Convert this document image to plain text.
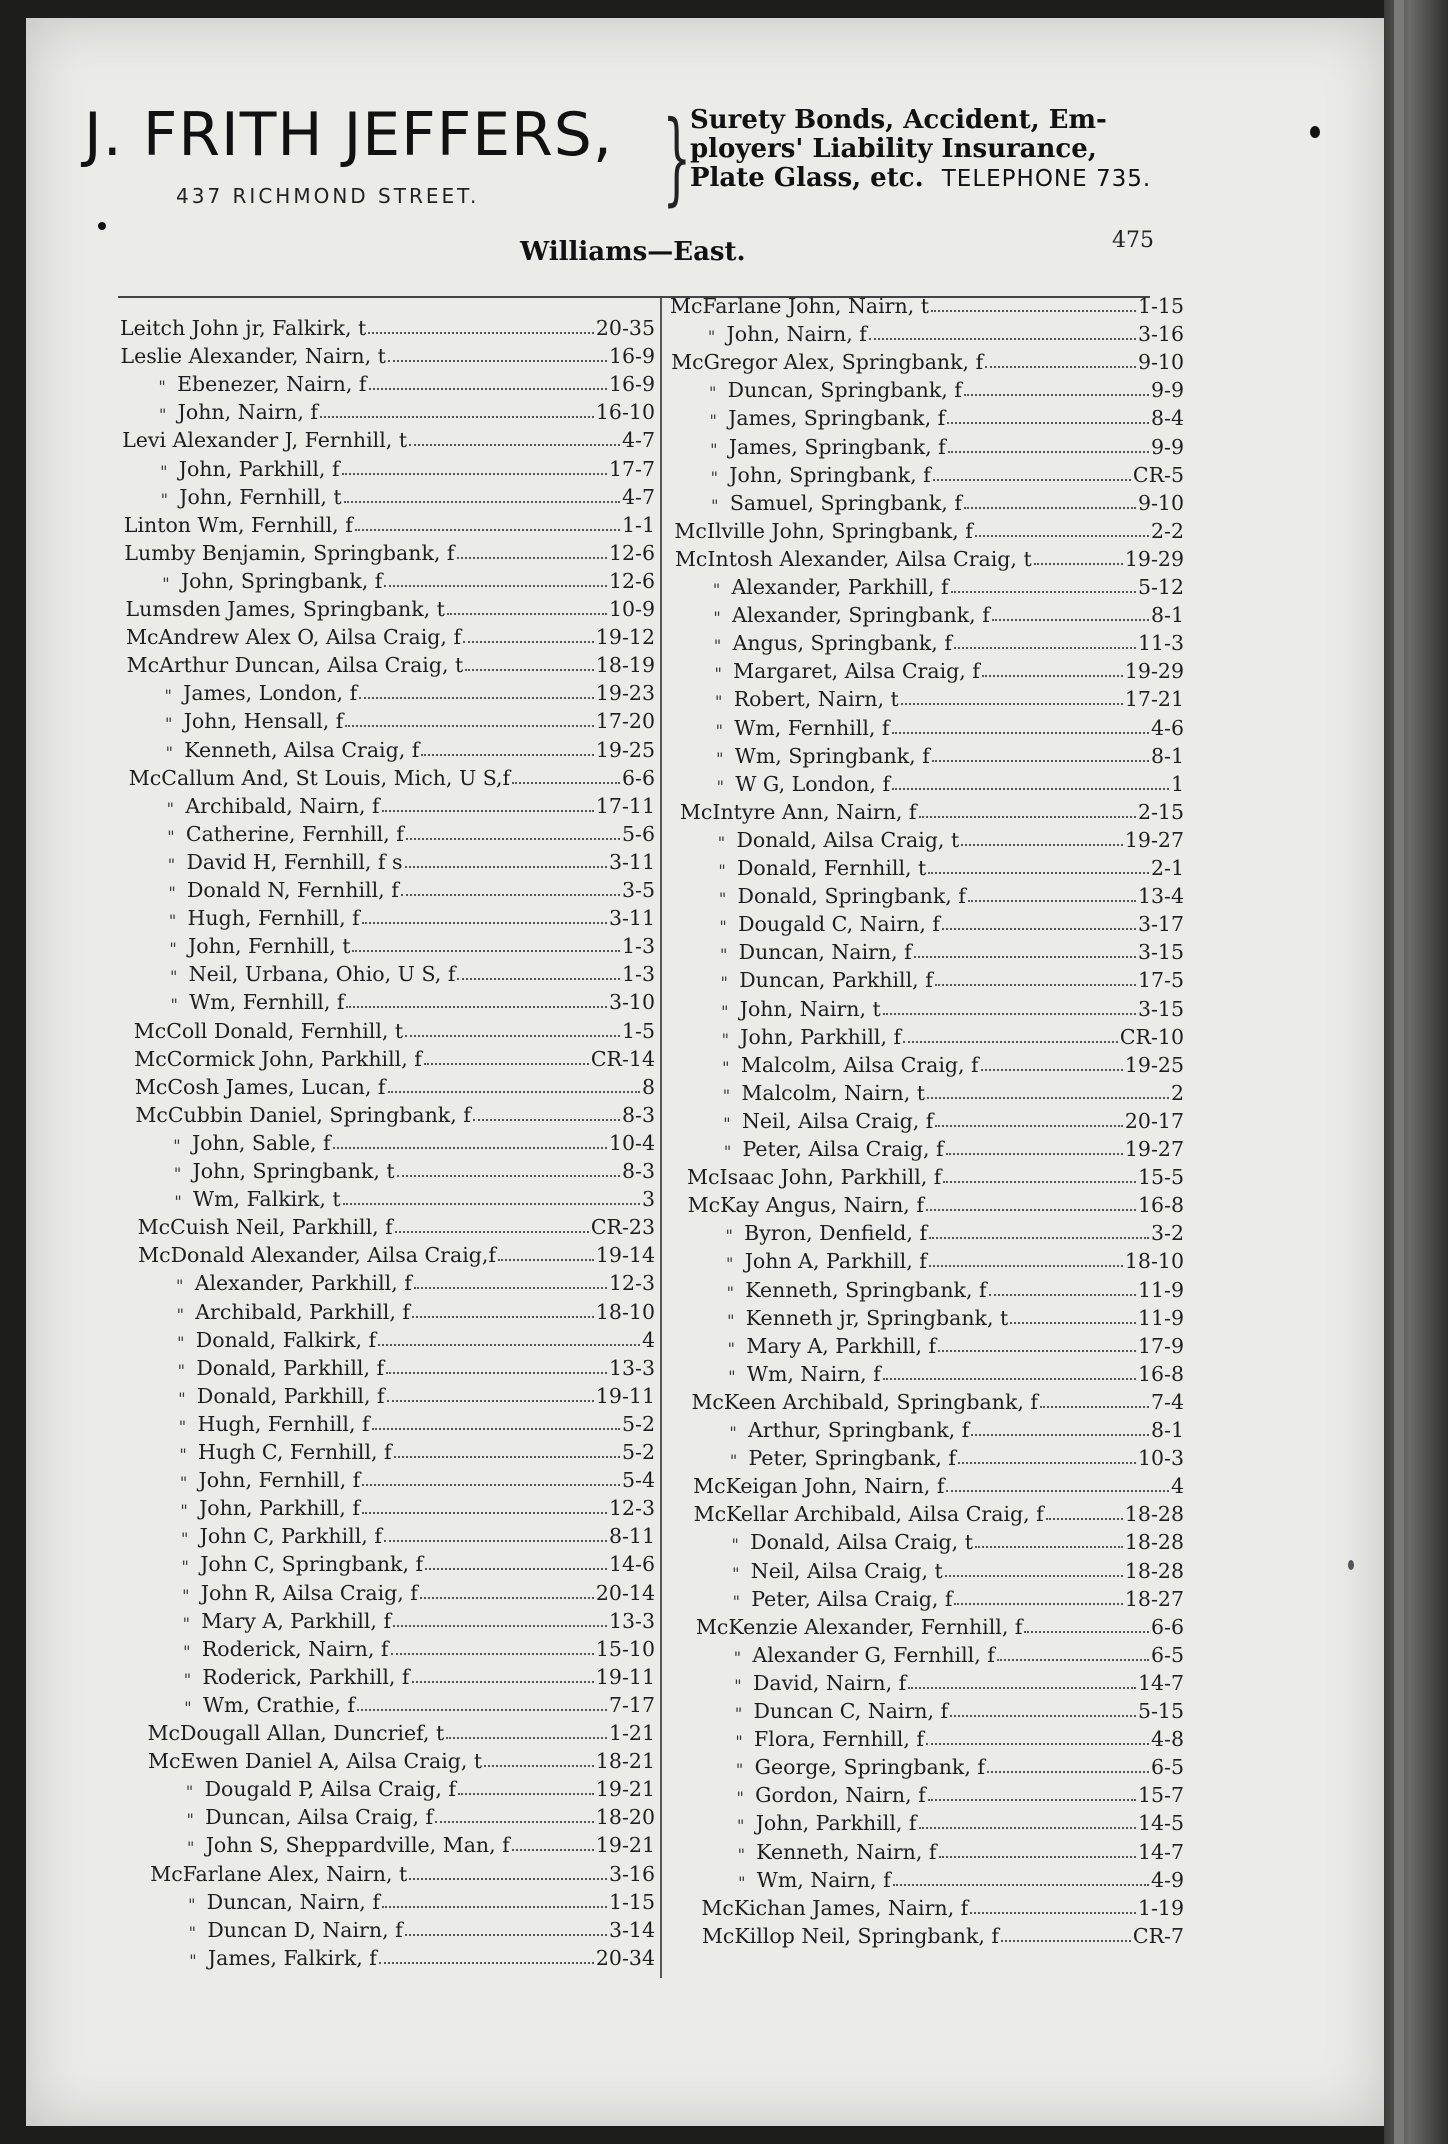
J. FRITH JEFFERS,
437 RICHMOND STREET. }
Surety Bonds, Accident, Em-
ployers' Liability Insurance,
Plate Glass, etc. TELEPHONE 735.
Williams—East.	475
Leitch John jr, Falkirk, t	20-35
Leslie Alexander, Nairn, t	16-9
" Ebenezer, Nairn, f	16-9
" John, Nairn, f	16-10
Levi Alexander J, Fernhill, t	4-7
" John, Parkhill, f	17-7
" John, Fernhill, t	4-7
Linton Wm, Fernhill, f	1-1
Lumby Benjamin, Springbank, f	12-6
" John, Springbank, f	12-6
Lumsden James, Springbank, t	10-9
McAndrew Alex O, Ailsa Craig, f	19-12
McArthur Duncan, Ailsa Craig, t	18-19
" James, London, f	19-23
" John, Hensall, f	17-20
" Kenneth, Ailsa Craig, f	19-25
McCallum And, St Louis, Mich, U S,f	6-6
" Archibald, Nairn, f	17-11
" Catherine, Fernhill, f	5-6
" David H, Fernhill, f s	3-11
" Donald N, Fernhill, f	3-5
" Hugh, Fernhill, f	3-11
" John, Fernhill, t	1-3
" Neil, Urbana, Ohio, U S, f	1-3
" Wm, Fernhill, f	3-10
McColl Donald, Fernhill, t	1-5
McCormick John, Parkhill, f	CR-14
McCosh James, Lucan, f	8
McCubbin Daniel, Springbank, f	8-3
" John, Sable, f	10-4
" John, Springbank, t	8-3
" Wm, Falkirk, t	3
McCuish Neil, Parkhill, f	CR-23
McDonald Alexander, Ailsa Craig,f	19-14
" Alexander, Parkhill, f	12-3
" Archibald, Parkhill, f	18-10
" Donald, Falkirk, f	4
" Donald, Parkhill, f	13-3
" Donald, Parkhill, f	19-11
" Hugh, Fernhill, f	5-2
" Hugh C, Fernhill, f	5-2
" John, Fernhill, f	5-4
" John, Parkhill, f	12-3
" John C, Parkhill, f	8-11
" John C, Springbank, f	14-6
" John R, Ailsa Craig, f	20-14
" Mary A, Parkhill, f	13-3
" Roderick, Nairn, f	15-10
" Roderick, Parkhill, f	19-11
" Wm, Crathie, f	7-17
McDougall Allan, Duncrief, t	1-21
McEwen Daniel A, Ailsa Craig, t	18-21
" Dougald P, Ailsa Craig, f	19-21
" Duncan, Ailsa Craig, f	18-20
" John S, Sheppardville, Man, f	19-21
McFarlane Alex, Nairn, t	3-16
" Duncan, Nairn, f	1-15
" Duncan D, Nairn, f	3-14
" James, Falkirk, f	20-34
McFarlane John, Nairn, t	1-15
" John, Nairn, f	3-16
McGregor Alex, Springbank, f	9-10
" Duncan, Springbank, f	9-9
" James, Springbank, f	8-4
" James, Springbank, f	9-9
" John, Springbank, f	CR-5
" Samuel, Springbank, f	9-10
McIlville John, Springbank, f	2-2
McIntosh Alexander, Ailsa Craig, t	19-29
" Alexander, Parkhill, f	5-12
" Alexander, Springbank, f	8-1
" Angus, Springbank, f	11-3
" Margaret, Ailsa Craig, f	19-29
" Robert, Nairn, t	17-21
" Wm, Fernhill, f	4-6
" Wm, Springbank, f	8-1
" W G, London, f	1
McIntyre Ann, Nairn, f	2-15
" Donald, Ailsa Craig, t	19-27
" Donald, Fernhill, t	2-1
" Donald, Springbank, f	13-4
" Dougald C, Nairn, f	3-17
" Duncan, Nairn, f	3-15
" Duncan, Parkhill, f	17-5
" John, Nairn, t	3-15
" John, Parkhill, f	CR-10
" Malcolm, Ailsa Craig, f	19-25
" Malcolm, Nairn, t	2
" Neil, Ailsa Craig, f	20-17
" Peter, Ailsa Craig, f	19-27
McIsaac John, Parkhill, f	15-5
McKay Angus, Nairn, f	16-8
" Byron, Denfield, f	3-2
" John A, Parkhill, f	18-10
" Kenneth, Springbank, f	11-9
" Kenneth jr, Springbank, t	11-9
" Mary A, Parkhill, f	17-9
" Wm, Nairn, f	16-8
McKeen Archibald, Springbank, f	7-4
" Arthur, Springbank, f	8-1
" Peter, Springbank, f	10-3
McKeigan John, Nairn, f	4
McKellar Archibald, Ailsa Craig, f	18-28
" Donald, Ailsa Craig, t	18-28
" Neil, Ailsa Craig, t	18-28
" Peter, Ailsa Craig, f	18-27
McKenzie Alexander, Fernhill, f	6-6
" Alexander G, Fernhill, f	6-5
" David, Nairn, f	14-7
" Duncan C, Nairn, f	5-15
" Flora, Fernhill, f	4-8
" George, Springbank, f	6-5
" Gordon, Nairn, f	15-7
" John, Parkhill, f	14-5
" Kenneth, Nairn, f	14-7
" Wm, Nairn, f	4-9
McKichan James, Nairn, f	1-19
McKillop Neil, Springbank, f	CR-7
